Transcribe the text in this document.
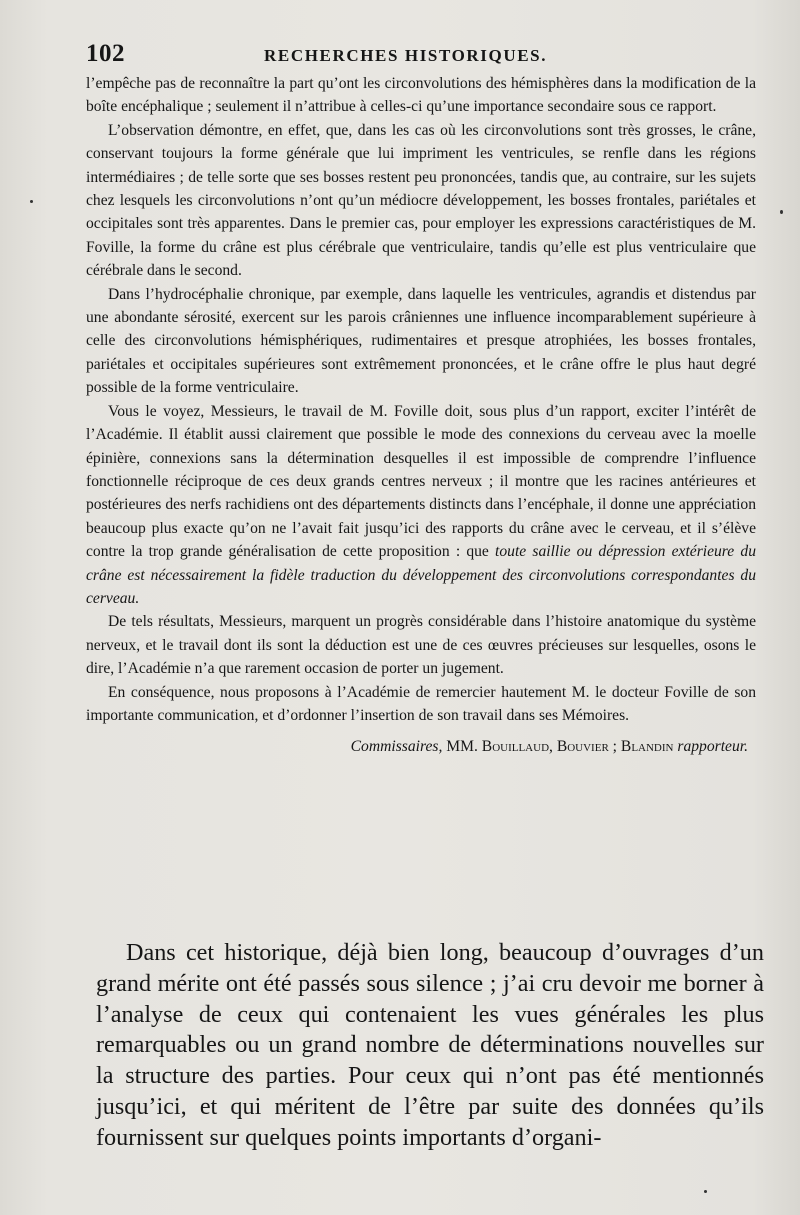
102	RECHERCHES HISTORIQUES.

l’empêche pas de reconnaître la part qu’ont les circonvolutions des hémisphères dans la modification de la boîte encéphalique ; seulement il n’attribue à celles-ci qu’une importance secondaire sous ce rapport.

L’observation démontre, en effet, que, dans les cas où les circonvolutions sont très grosses, le crâne, conservant toujours la forme générale que lui impriment les ventricules, se renfle dans les régions intermédiaires ; de telle sorte que ses bosses restent peu prononcées, tandis que, au contraire, sur les sujets chez lesquels les circonvolutions n’ont qu’un médiocre développement, les bosses frontales, pariétales et occipitales sont très apparentes. Dans le premier cas, pour employer les expressions caractéristiques de M. Foville, la forme du crâne est plus cérébrale que ventriculaire, tandis qu’elle est plus ventriculaire que cérébrale dans le second.

Dans l’hydrocéphalie chronique, par exemple, dans laquelle les ventricules, agrandis et distendus par une abondante sérosité, exercent sur les parois crâniennes une influence incomparablement supérieure à celle des circonvolutions hémisphériques, rudimentaires et presque atrophiées, les bosses frontales, pariétales et occipitales supérieures sont extrêmement prononcées, et le crâne offre le plus haut degré possible de la forme ventriculaire.

Vous le voyez, Messieurs, le travail de M. Foville doit, sous plus d’un rapport, exciter l’intérêt de l’Académie. Il établit aussi clairement que possible le mode des connexions du cerveau avec la moelle épinière, connexions sans la détermination desquelles il est impossible de comprendre l’influence fonctionnelle réciproque de ces deux grands centres nerveux ; il montre que les racines antérieures et postérieures des nerfs rachidiens ont des départements distincts dans l’encéphale, il donne une appréciation beaucoup plus exacte qu’on ne l’avait fait jusqu’ici des rapports du crâne avec le cerveau, et il s’élève contre la trop grande généralisation de cette proposition : que toute saillie ou dépression extérieure du crâne est nécessairement la fidèle traduction du développement des circonvolutions correspondantes du cerveau.

De tels résultats, Messieurs, marquent un progrès considérable dans l’histoire anatomique du système nerveux, et le travail dont ils sont la déduction est une de ces œuvres précieuses sur lesquelles, osons le dire, l’Académie n’a que rarement occasion de porter un jugement.

En conséquence, nous proposons à l’Académie de remercier hautement M. le docteur Foville de son importante communication, et d’ordonner l’insertion de son travail dans ses Mémoires.

Commissaires, MM. Bouillaud, Bouvier ; Blandin rapporteur.

Dans cet historique, déjà bien long, beaucoup d’ouvrages d’un grand mérite ont été passés sous silence ; j’ai cru devoir me borner à l’analyse de ceux qui contenaient les vues générales les plus remarquables ou un grand nombre de déterminations nouvelles sur la structure des parties. Pour ceux qui n’ont pas été mentionnés jusqu’ici, et qui méritent de l’être par suite des données qu’ils fournissent sur quelques points importants d’organi-
